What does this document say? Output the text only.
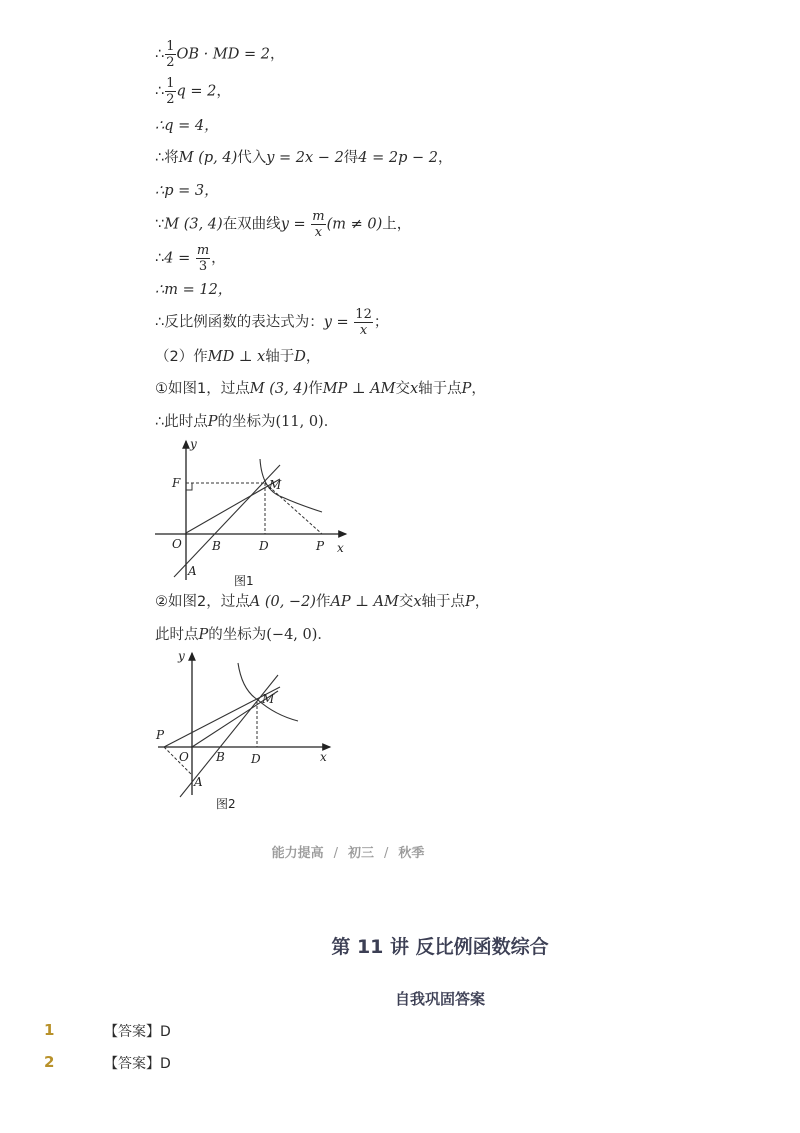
∴ $\frac{1}{2}$ OB · MD = 2，
∴ $\frac{1}{2}$ q = 2，
∴q = 4，
∴将M (p, 4)代入y = 2x − 2得4 = 2p − 2，
∴p = 3，
∵M (3, 4)在双曲线$y = \frac{m}{x} (m \ne 0)$上，
∴4 = $\frac{m}{3}$ ，
∴m = 12，
∴反比例函数的表达式为：$y = \frac{12}{x}$ ；
（2）作MD ⊥ x轴于D，
①如图1，过点M (3, 4)作MP ⊥ AM交x轴于点P，
∴此时点P的坐标为(11, 0)．
y
F	M
O	B	D	P x
A
图1
②如图2，过点A (0, −2)作AP ⊥ AM交x轴于点P，
此时点P的坐标为(−4, 0)．
y
M
P
O B D	x
A
图2
能力提高 / 初三 / 秋季
第 11 讲 反比例函数综合
自我巩固答案
1	【答案】D
2	【答案】D
